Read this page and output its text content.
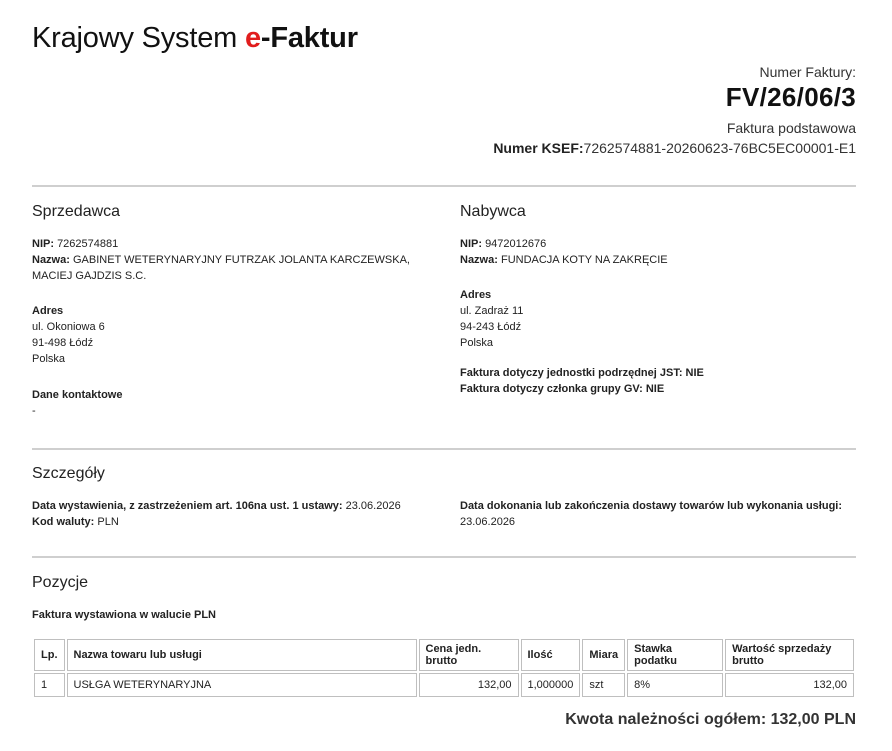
Krajowy System e-Faktur
Numer Faktury:
FV/26/06/3
Faktura podstawowa
Numer KSEF:7262574881-20260623-76BC5EC00001-E1
Sprzedawca
NIP: 7262574881
Nazwa: GABINET WETERYNARYJNY FUTRZAK JOLANTA KARCZEWSKA,
MACIEJ GAJDZIS S.C.
Adres
ul. Okoniowa 6
91-498 Łódź
Polska
Dane kontaktowe
-
Nabywca
NIP: 9472012676
Nazwa: FUNDACJA KOTY NA ZAKRĘCIE
Adres
ul. Zadraż 11
94-243 Łódź
Polska
Faktura dotyczy jednostki podrzędnej JST: NIE
Faktura dotyczy członka grupy GV: NIE
Szczegóły
Data wystawienia, z zastrzeżeniem art. 106na ust. 1 ustawy: 23.06.2026
Kod waluty: PLN
Data dokonania lub zakończenia dostawy towarów lub wykonania usługi:
23.06.2026
Pozycje
Faktura wystawiona w walucie PLN
Lp.	Nazwa towaru lub usługi	Cena jedn. brutto	Ilość	Miara	Stawka podatku	Wartość sprzedaży brutto
1	USŁGA WETERYNARYJNA	132,00	1,000000	szt	8%	132,00
Kwota należności ogółem: 132,00 PLN
